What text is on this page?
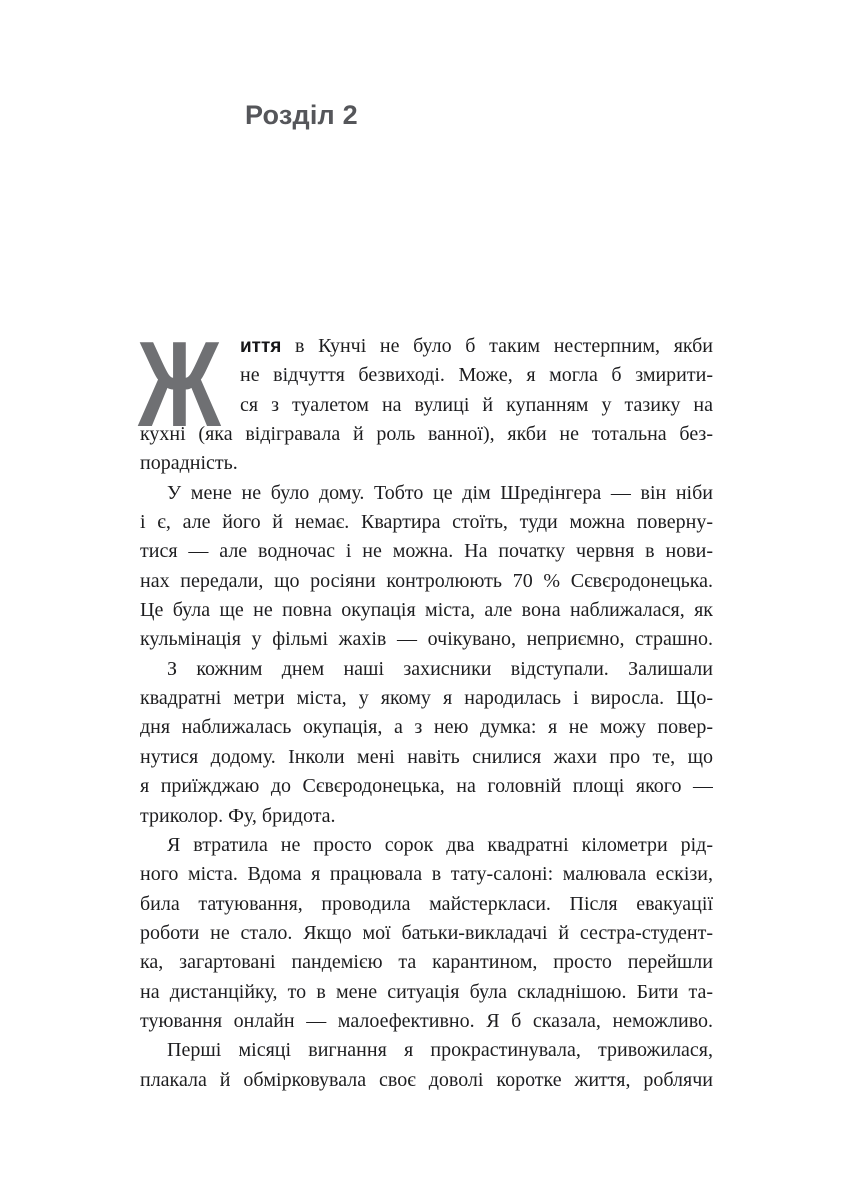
Розділ 2
Ж иття в Кунчі не було б таким нестерпним, якби
не відчуття безвиході. Може, я могла б змирити-
ся з туалетом на вулиці й купанням у тазику на
кухні (яка відігравала й роль ванної), якби не тотальна без-
порадність.
У мене не було дому. Тобто це дім Шредінгера — він ніби
і є, але його й немає. Квартира стоїть, туди можна поверну-
тися — але водночас і не можна. На початку червня в нови-
нах передали, що росіяни контролюють 70 % Сєвєродонецька.
Це була ще не повна окупація міста, але вона наближалася, як
кульмінація у фільмі жахів — очікувано, неприємно, страшно.
З кожним днем наші захисники відступали. Залишали
квадратні метри міста, у якому я народилась і виросла. Що-
дня наближалась окупація, а з нею думка: я не можу повер-
нутися додому. Інколи мені навіть снилися жахи про те, що
я приїжджаю до Сєвєродонецька, на головній площі якого —
триколор. Фу, бридота.
Я втратила не просто сорок два квадратні кілометри рід-
ного міста. Вдома я працювала в тату-салоні: малювала ескізи,
била татуювання, проводила майстеркласи. Після евакуації
роботи не стало. Якщо мої батьки-викладачі й сестра-студент-
ка, загартовані пандемією та карантином, просто перейшли
на дистанційку, то в мене ситуація була складнішою. Бити та-
туювання онлайн — малоефективно. Я б сказала, неможливо.
Перші місяці вигнання я прокрастинувала, тривожилася,
плакала й обмірковувала своє доволі коротке життя, роблячи
